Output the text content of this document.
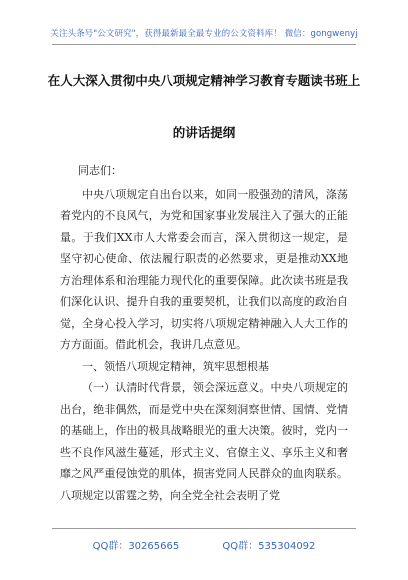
关注头条号"公文研究"，获得最新最全最专业的公文资料库！ 微信：gongwenyj
在人大深入贯彻中央八项规定精神学习教育专题读书班上
的讲话提纲

同志们：

中央八项规定自出台以来，如同一股强劲的清风，涤荡着党内的不良风气，为党和国家事业发展注入了强大的正能量。于我们XX市人大常委会而言，深入贯彻这一规定，是坚守初心使命、依法履行职责的必然要求，更是推动XX地方治理体系和治理能力现代化的重要保障。此次读书班是我们深化认识、提升自我的重要契机，让我们以高度的政治自觉，全身心投入学习，切实将八项规定精神融入人大工作的方方面面。借此机会，我讲几点意见。

一、领悟八项规定精神，筑牢思想根基

（一）认清时代背景，领会深远意义。中央八项规定的出台，绝非偶然，而是党中央在深刻洞察世情、国情、党情的基础上，作出的极具战略眼光的重大决策。彼时，党内一些不良作风滋生蔓延，形式主义、官僚主义、享乐主义和奢靡之风严重侵蚀党的肌体，损害党同人民群众的血肉联系。八项规定以雷霆之势，向全党全社会表明了党

QQ群：30265665	QQ群：535304092
